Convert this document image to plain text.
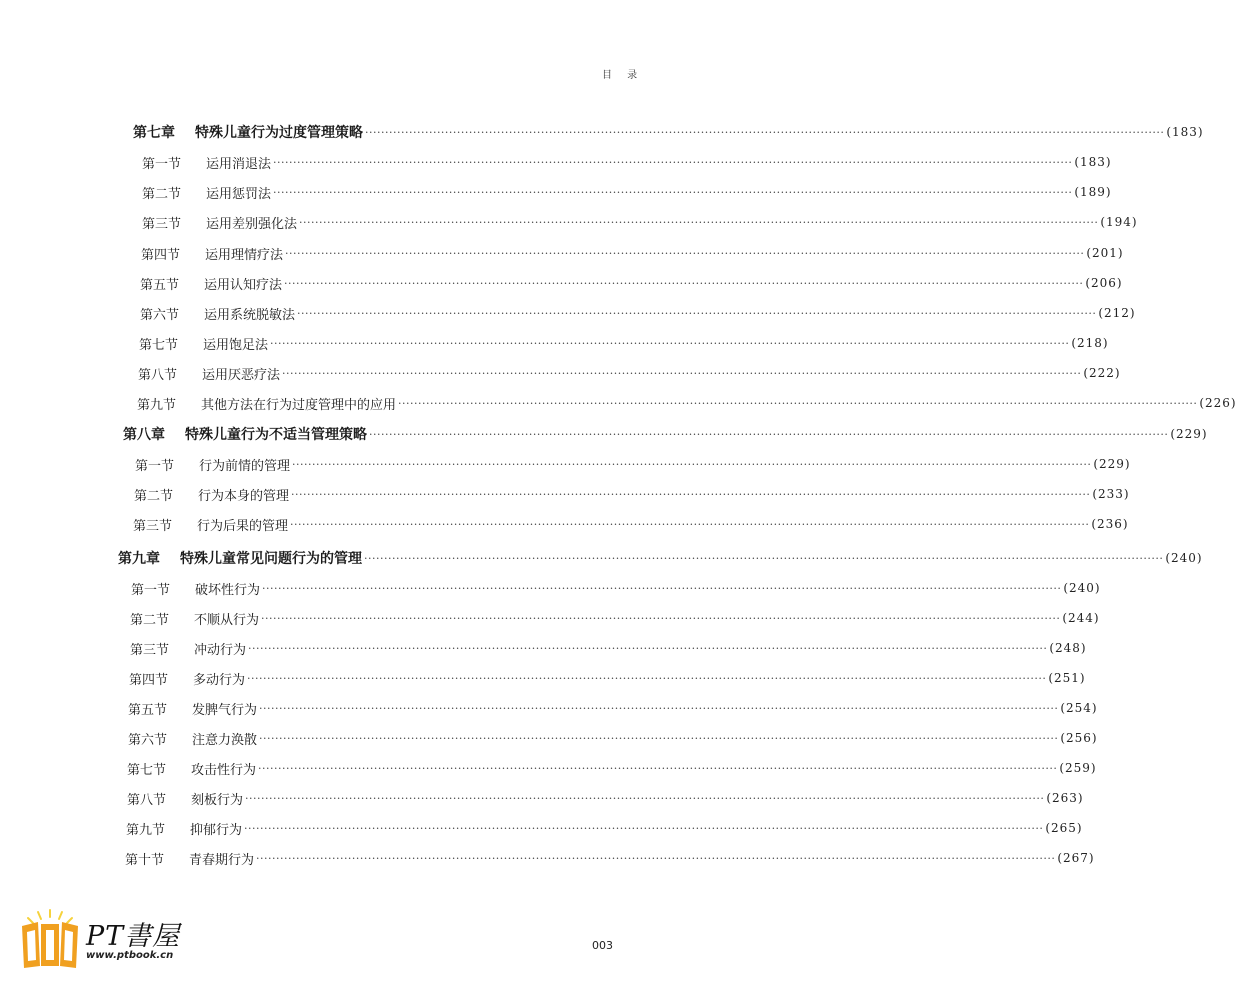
目 录
第七章	特殊儿童行为过度管理策略 ········································································································································································································ (183)
第一节	运用消退法 ········································································································································································································ (183)
第二节	运用惩罚法 ········································································································································································································ (189)
第三节	运用差别强化法 ········································································································································································································ (194)
第四节	运用理情疗法 ········································································································································································································ (201)
第五节	运用认知疗法 ········································································································································································································ (206)
第六节	运用系统脱敏法 ········································································································································································································ (212)
第七节	运用饱足法 ········································································································································································································ (218)
第八节	运用厌恶疗法 ········································································································································································································ (222)
第九节	其他方法在行为过度管理中的应用 ········································································································································································································ (226)
第八章	特殊儿童行为不适当管理策略 ········································································································································································································ (229)
第一节	行为前情的管理 ········································································································································································································ (229)
第二节	行为本身的管理 ········································································································································································································ (233)
第三节	行为后果的管理 ········································································································································································································ (236)
第九章	特殊儿童常见问题行为的管理 ········································································································································································································ (240)
第一节	破坏性行为 ········································································································································································································ (240)
第二节	不顺从行为 ········································································································································································································ (244)
第三节	冲动行为 ········································································································································································································ (248)
第四节	多动行为 ········································································································································································································ (251)
第五节	发脾气行为 ········································································································································································································ (254)
第六节	注意力涣散 ········································································································································································································ (256)
第七节	攻击性行为 ········································································································································································································ (259)
第八节	刻板行为 ········································································································································································································ (263)
第九节	抑郁行为 ········································································································································································································ (265)
第十节	青春期行为 ········································································································································································································ (267)
PT書屋
www.ptbook.cn
003
